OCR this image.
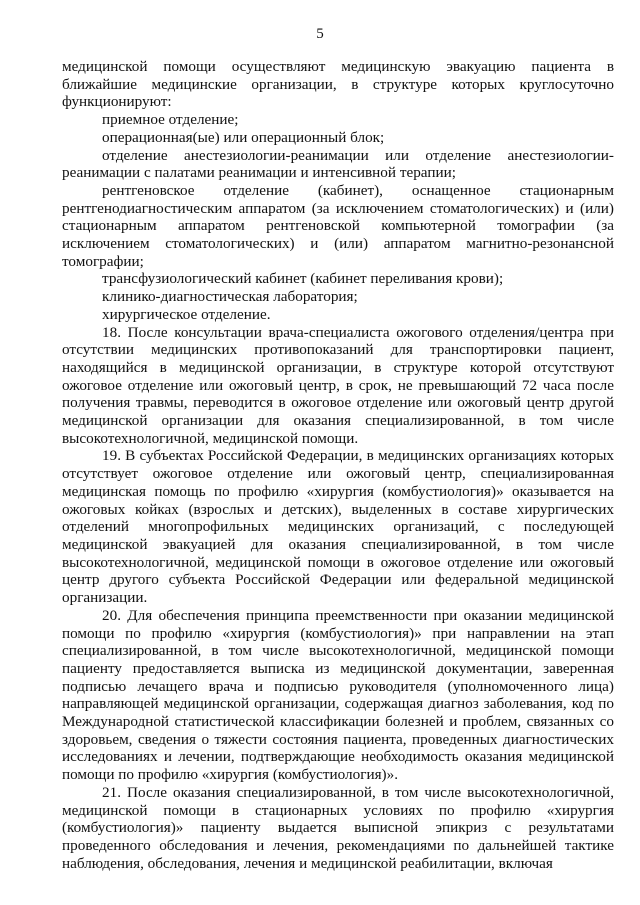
5

медицинской помощи осуществляют медицинскую эвакуацию пациента в ближайшие медицинские организации, в структуре которых круглосуточно функционируют:

приемное отделение;

операционная(ые) или операционный блок;

отделение анестезиологии-реанимации или отделение анестезиологии-реанимации с палатами реанимации и интенсивной терапии;

рентгеновское отделение (кабинет), оснащенное стационарным рентгенодиагностическим аппаратом (за исключением стоматологических) и (или) стационарным аппаратом рентгеновской компьютерной томографии (за исключением стоматологических) и (или) аппаратом магнитно-резонансной томографии;

трансфузиологический кабинет (кабинет переливания крови);

клинико-диагностическая лаборатория;

хирургическое отделение.

18. После консультации врача-специалиста ожогового отделения/центра при отсутствии медицинских противопоказаний для транспортировки пациент, находящийся в медицинской организации, в структуре которой отсутствуют ожоговое отделение или ожоговый центр, в срок, не превышающий 72 часа после получения травмы, переводится в ожоговое отделение или ожоговый центр другой медицинской организации для оказания специализированной, в том числе высокотехнологичной, медицинской помощи.

19. В субъектах Российской Федерации, в медицинских организациях которых отсутствует ожоговое отделение или ожоговый центр, специализированная медицинская помощь по профилю «хирургия (комбустиология)» оказывается на ожоговых койках (взрослых и детских), выделенных в составе хирургических отделений многопрофильных медицинских организаций, с последующей медицинской эвакуацией для оказания специализированной, в том числе высокотехнологичной, медицинской помощи в ожоговое отделение или ожоговый центр другого субъекта Российской Федерации или федеральной медицинской организации.

20. Для обеспечения принципа преемственности при оказании медицинской помощи по профилю «хирургия (комбустиология)» при направлении на этап специализированной, в том числе высокотехнологичной, медицинской помощи пациенту предоставляется выписка из медицинской документации, заверенная подписью лечащего врача и подписью руководителя (уполномоченного лица) направляющей медицинской организации, содержащая диагноз заболевания, код по Международной статистической классификации болезней и проблем, связанных со здоровьем, сведения о тяжести состояния пациента, проведенных диагностических исследованиях и лечении, подтверждающие необходимость оказания медицинской помощи по профилю «хирургия (комбустиология)».

21. После оказания специализированной, в том числе высокотехнологичной, медицинской помощи в стационарных условиях по профилю «хирургия (комбустиология)» пациенту выдается выписной эпикриз с результатами проведенного обследования и лечения, рекомендациями по дальнейшей тактике наблюдения, обследования, лечения и медицинской реабилитации, включая
